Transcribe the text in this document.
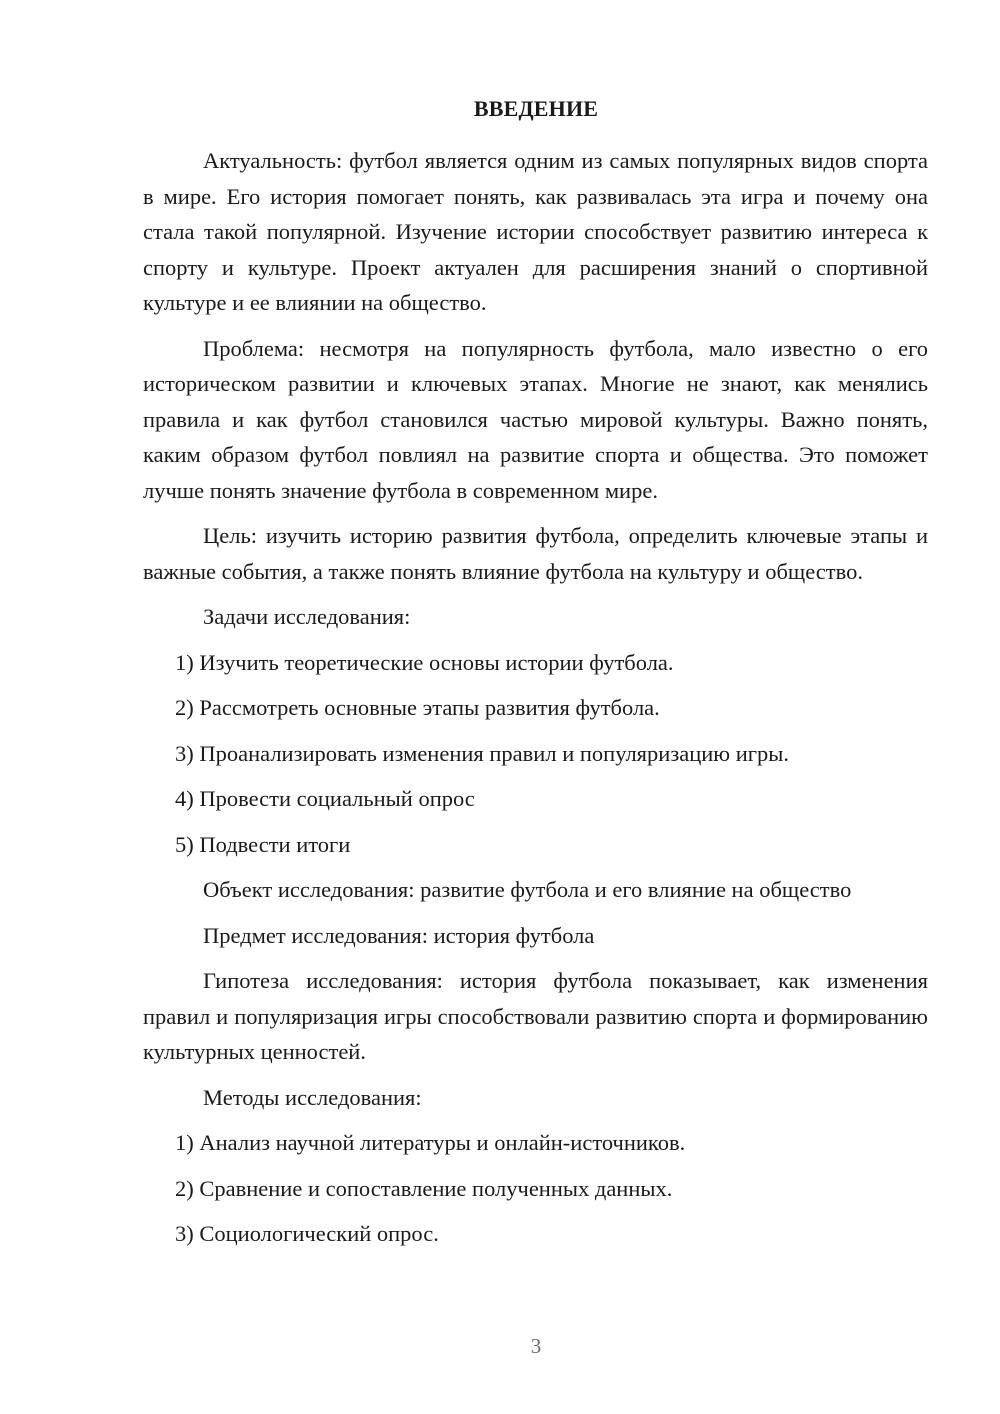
ВВЕДЕНИЕ

Актуальность: футбол является одним из самых популярных видов спорта в мире. Его история помогает понять, как развивалась эта игра и почему она стала такой популярной. Изучение истории способствует развитию интереса к спорту и культуре. Проект актуален для расширения знаний о спортивной культуре и ее влиянии на общество.

Проблема: несмотря на популярность футбола, мало известно о его историческом развитии и ключевых этапах. Многие не знают, как менялись правила и как футбол становился частью мировой культуры. Важно понять, каким образом футбол повлиял на развитие спорта и общества. Это поможет лучше понять значение футбола в современном мире.

Цель: изучить историю развития футбола, определить ключевые этапы и важные события, а также понять влияние футбола на культуру и общество.

Задачи исследования:

1) Изучить теоретические основы истории футбола.

2) Рассмотреть основные этапы развития футбола.

3) Проанализировать изменения правил и популяризацию игры.

4) Провести социальный опрос

5) Подвести итоги

Объект исследования: развитие футбола и его влияние на общество

Предмет исследования: история футбола

Гипотеза исследования: история футбола показывает, как изменения правил и популяризация игры способствовали развитию спорта и формированию культурных ценностей.

Методы исследования:

1) Анализ научной литературы и онлайн-источников.

2) Сравнение и сопоставление полученных данных.

3) Социологический опрос.

3
